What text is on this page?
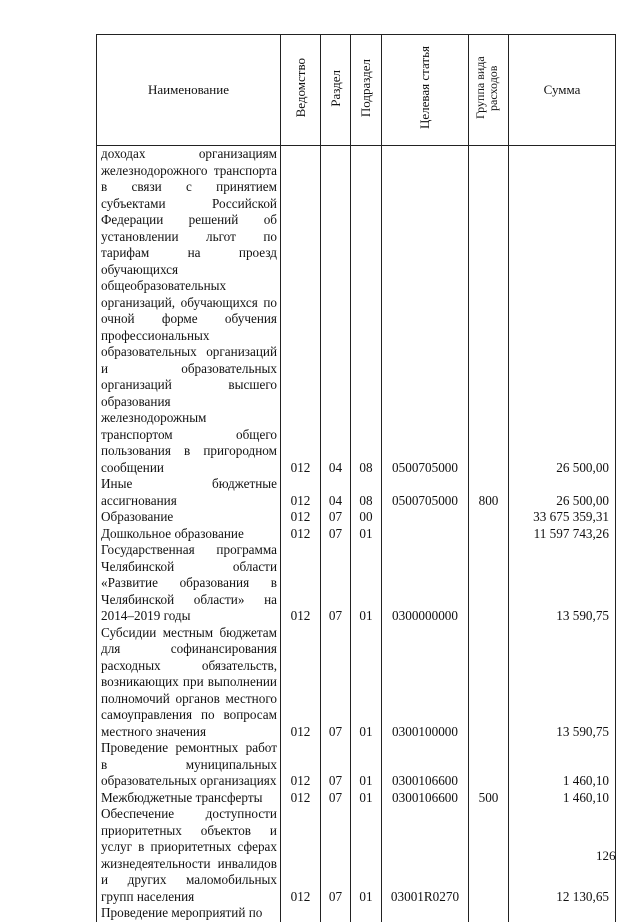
Наименование	Ведомство	Раздел	Подраздел	Целевая статья	Группа вида расходов	Сумма
доходах организациям железнодорожного транспорта в связи с принятием субъектами Российской Федерации решений об установлении льгот по тарифам на проезд обучающихся общеобразовательных организаций, обучающихся по очной форме обучения профессиональных образовательных организаций и образовательных организаций высшего образования железнодорожным транспортом общего пользования в пригородном сообщении	012	04	08	0500705000		26 500,00
Иные бюджетные ассигнования	012	04	08	0500705000	800	26 500,00
Образование	012	07	00			33 675 359,31
Дошкольное образование	012	07	01			11 597 743,26
Государственная программа Челябинской области «Развитие образования в Челябинской области» на 2014–2019 годы	012	07	01	0300000000		13 590,75
Субсидии местным бюджетам для софинансирования расходных обязательств, возникающих при выполнении полномочий органов местного самоуправления по вопросам местного значения	012	07	01	0300100000		13 590,75
Проведение ремонтных работ в муниципальных образовательных организациях	012	07	01	0300106600		1 460,10
Межбюджетные трансферты	012	07	01	0300106600	500	1 460,10
Обеспечение доступности приоритетных объектов и услуг в приоритетных сферах жизнедеятельности инвалидов и других маломобильных групп населения	012	07	01	03001R0270		12 130,65
Проведение мероприятий по						
126
